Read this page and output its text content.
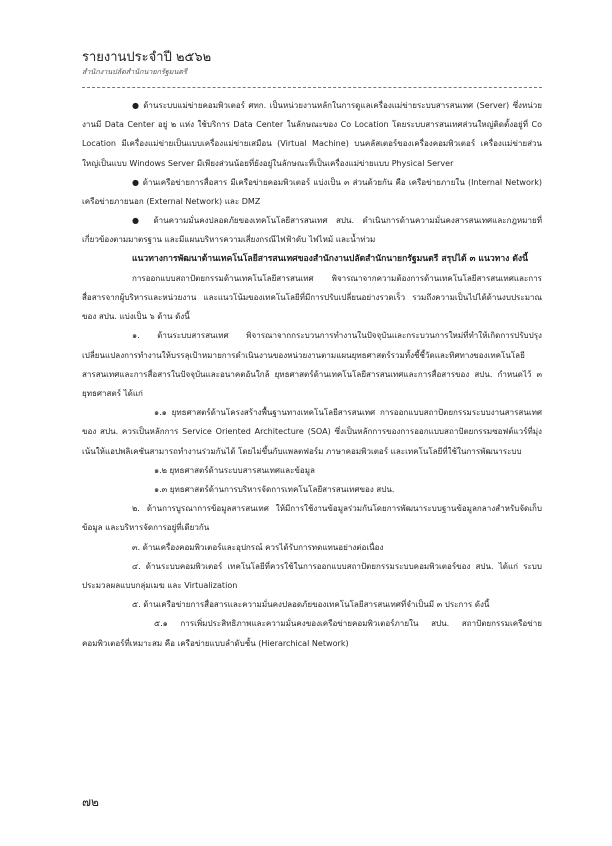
รายงานประจำปี ๒๕๖๒
สำนักงานปลัดสำนักนายกรัฐมนตรี

● ด้านระบบแม่ข่ายคอมพิวเตอร์ ศทก. เป็นหน่วยงานหลักในการดูแลเครื่องแม่ข่ายระบบสารสนเทศ (Server) ซึ่งหน่วยงานมี Data Center อยู่ ๒ แห่ง ใช้บริการ Data Center ในลักษณะของ Co Location โดยระบบสารสนเทศส่วนใหญ่ติดตั้งอยู่ที่ Co Location มีเครื่องแม่ข่ายเป็นแบบเครื่องแม่ข่ายเสมือน (Virtual Machine) บนคลัสเตอร์ของเครื่องคอมพิวเตอร์ เครื่องแม่ข่ายส่วนใหญ่เป็นแบบ Windows Server มีเพียงส่วนน้อยที่ยังอยู่ในลักษณะที่เป็นเครื่องแม่ข่ายแบบ Physical Server

● ด้านเครือข่ายการสื่อสาร มีเครือข่ายคอมพิวเตอร์ แบ่งเป็น ๓ ส่วนด้วยกัน คือ เครือข่ายภายใน (Internal Network) เครือข่ายภายนอก (External Network) และ DMZ

● ด้านความมั่นคงปลอดภัยของเทคโนโลยีสารสนเทศ สปน. ดำเนินการด้านความมั่นคงสารสนเทศและกฎหมายที่เกี่ยวข้องตามมาตรฐาน และมีแผนบริหารความเสี่ยงกรณีไฟฟ้าดับ ไฟไหม้ และน้ำท่วม

แนวทางการพัฒนาด้านเทคโนโลยีสารสนเทศของสำนักงานปลัดสำนักนายกรัฐมนตรี สรุปได้ ๓ แนวทาง ดังนี้

การออกแบบสถาปัตยกรรมด้านเทคโนโลยีสารสนเทศ พิจารณาจากความต้องการด้านเทคโนโลยีสารสนเทศและการสื่อสารจากผู้บริหารและหน่วยงาน และแนวโน้มของเทคโนโลยีที่มีการปรับเปลี่ยนอย่างรวดเร็ว รวมถึงความเป็นไปได้ด้านงบประมาณของ สปน. แบ่งเป็น ๖ ด้าน ดังนี้

๑. ด้านระบบสารสนเทศ พิจารณาจากกระบวนการทำงานในปัจจุบันและกระบวนการใหม่ที่ทำให้เกิดการปรับปรุงเปลี่ยนแปลงการทำงานให้บรรลุเป้าหมายการดำเนินงานของหน่วยงานตามแผนยุทธศาสตร์รวมทั้งชี้ชี้วัดและทิศทางของเทคโนโลยีสารสนเทศและการสื่อสารในปัจจุบันและอนาคตอันใกล้ ยุทธศาสตร์ด้านเทคโนโลยีสารสนเทศและการสื่อสารของ สปน. กำหนดไว้ ๓ ยุทธศาสตร์ ได้แก่

๑.๑ ยุทธศาสตร์ด้านโครงสร้างพื้นฐานทางเทคโนโลยีสารสนเทศ การออกแบบสถาปัตยกรรมระบบงานสารสนเทศของ สปน. ควรเป็นหลักการ Service Oriented Architecture (SOA) ซึ่งเป็นหลักการของการออกแบบสถาปัตยกรรมซอฟต์แวร์ที่มุ่งเน้นให้แอปพลิเคชันสามารถทำงานร่วมกันได้ โดยไม่ขึ้นกับแพลตฟอร์ม ภาษาคอมพิวเตอร์ และเทคโนโลยีที่ใช้ในการพัฒนาระบบ

๑.๒ ยุทธศาสตร์ด้านระบบสารสนเทศและข้อมูล

๑.๓ ยุทธศาสตร์ด้านการบริหารจัดการเทคโนโลยีสารสนเทศของ สปน.

๒. ด้านการบูรณาการข้อมูลสารสนเทศ ให้มีการใช้งานข้อมูลร่วมกันโดยการพัฒนาระบบฐานข้อมูลกลางสำหรับจัดเก็บข้อมูล และบริหารจัดการอยู่ที่เดียวกัน

๓. ด้านเครื่องคอมพิวเตอร์และอุปกรณ์ ควรได้รับการทดแทนอย่างต่อเนื่อง

๔. ด้านระบบคอมพิวเตอร์ เทคโนโลยีที่ควรใช้ในการออกแบบสถาปัตยกรรมระบบคอมพิวเตอร์ของ สปน. ได้แก่ ระบบประมวลผลแบบกลุ่มเมฆ และ Virtualization

๕. ด้านเครือข่ายการสื่อสารและความมั่นคงปลอดภัยของเทคโนโลยีสารสนเทศที่จำเป็นมี ๓ ประการ ดังนี้

๕.๑ การเพิ่มประสิทธิภาพและความมั่นคงของเครือข่ายคอมพิวเตอร์ภายใน สปน. สถาปัตยกรรมเครือข่ายคอมพิวเตอร์ที่เหมาะสม คือ เครือข่ายแบบลำดับชั้น (Hierarchical Network)

๗๒
